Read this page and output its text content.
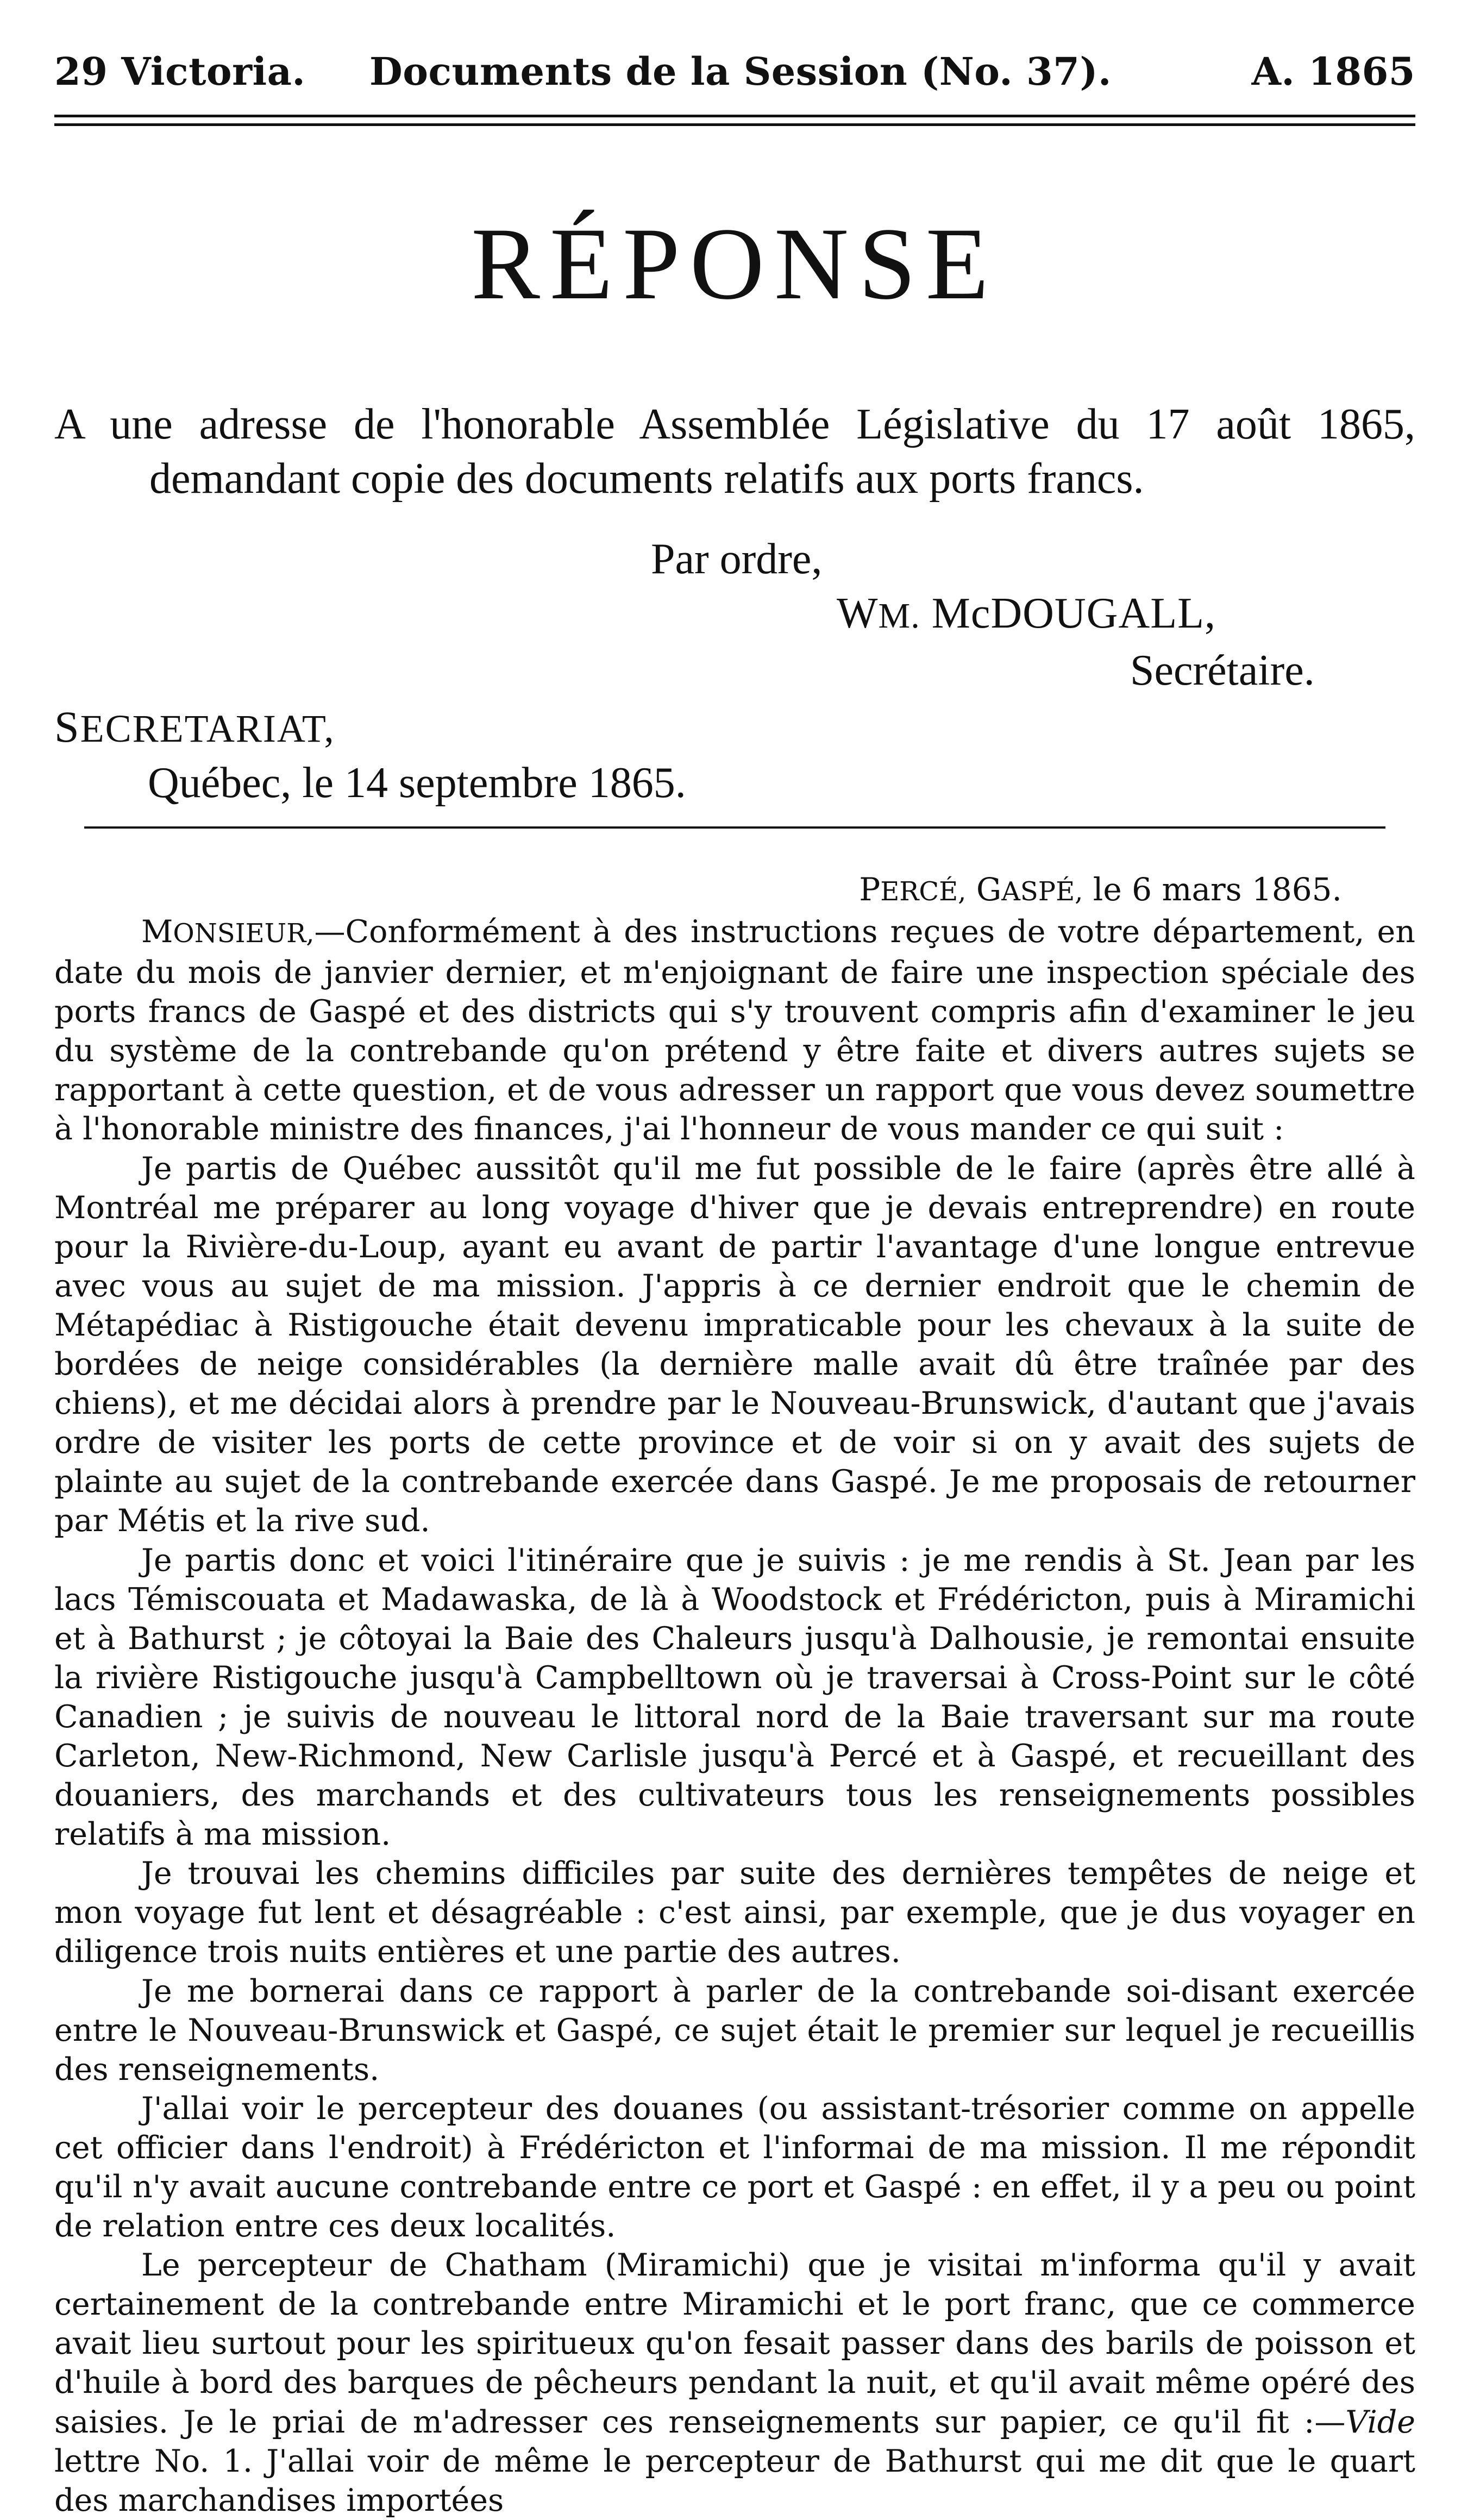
29 Victoria. Documents de la Session (No. 37).	A. 1865
RÉPONSE
A une adresse de l'honorable Assemblée Législative du 17 août 1865, demandant copie des documents relatifs aux ports francs.
Par ordre,
WM. McDOUGALL,
Secrétaire.
SECRETARIAT,
Québec, le 14 septembre 1865.
PERCÉ, GASPÉ, le 6 mars 1865.

MONSIEUR,—Conformément à des instructions reçues de votre département, en date du mois de janvier dernier, et m'enjoignant de faire une inspection spéciale des ports francs de Gaspé et des districts qui s'y trouvent compris afin d'examiner le jeu du système de la contrebande qu'on prétend y être faite et divers autres sujets se rapportant à cette question, et de vous adresser un rapport que vous devez soumettre à l'honorable ministre des finances, j'ai l'honneur de vous mander ce qui suit :

Je partis de Québec aussitôt qu'il me fut possible de le faire (après être allé à Montréal me préparer au long voyage d'hiver que je devais entreprendre) en route pour la Rivière-du-Loup, ayant eu avant de partir l'avantage d'une longue entrevue avec vous au sujet de ma mission. J'appris à ce dernier endroit que le chemin de Métapédiac à Ristigouche était devenu impraticable pour les chevaux à la suite de bordées de neige considérables (la dernière malle avait dû être traînée par des chiens), et me décidai alors à prendre par le Nouveau-Brunswick, d'autant que j'avais ordre de visiter les ports de cette province et de voir si on y avait des sujets de plainte au sujet de la contrebande exercée dans Gaspé. Je me proposais de retourner par Métis et la rive sud.

Je partis donc et voici l'itinéraire que je suivis : je me rendis à St. Jean par les lacs Témiscouata et Madawaska, de là à Woodstock et Frédéricton, puis à Miramichi et à Bathurst ; je côtoyai la Baie des Chaleurs jusqu'à Dalhousie, je remontai ensuite la rivière Ristigouche jusqu'à Campbelltown où je traversai à Cross-Point sur le côté Canadien ; je suivis de nouveau le littoral nord de la Baie traversant sur ma route Carleton, New-Richmond, New Carlisle jusqu'à Percé et à Gaspé, et recueillant des douaniers, des marchands et des cultivateurs tous les renseignements possibles relatifs à ma mission.

Je trouvai les chemins difficiles par suite des dernières tempêtes de neige et mon voyage fut lent et désagréable : c'est ainsi, par exemple, que je dus voyager en diligence trois nuits entières et une partie des autres.

Je me bornerai dans ce rapport à parler de la contrebande soi-disant exercée entre le Nouveau-Brunswick et Gaspé, ce sujet était le premier sur lequel je recueillis des renseignements.

J'allai voir le percepteur des douanes (ou assistant-trésorier comme on appelle cet officier dans l'endroit) à Frédéricton et l'informai de ma mission. Il me répondit qu'il n'y avait aucune contrebande entre ce port et Gaspé : en effet, il y a peu ou point de relation entre ces deux localités.

Le percepteur de Chatham (Miramichi) que je visitai m'informa qu'il y avait certainement de la contrebande entre Miramichi et le port franc, que ce commerce avait lieu surtout pour les spiritueux qu'on fesait passer dans des barils de poisson et d'huile à bord des barques de pêcheurs pendant la nuit, et qu'il avait même opéré des saisies. Je le priai de m'adresser ces renseignements sur papier, ce qu'il fit :—Vide lettre No. 1. J'allai voir de même le percepteur de Bathurst qui me dit que le quart des marchandises importées
